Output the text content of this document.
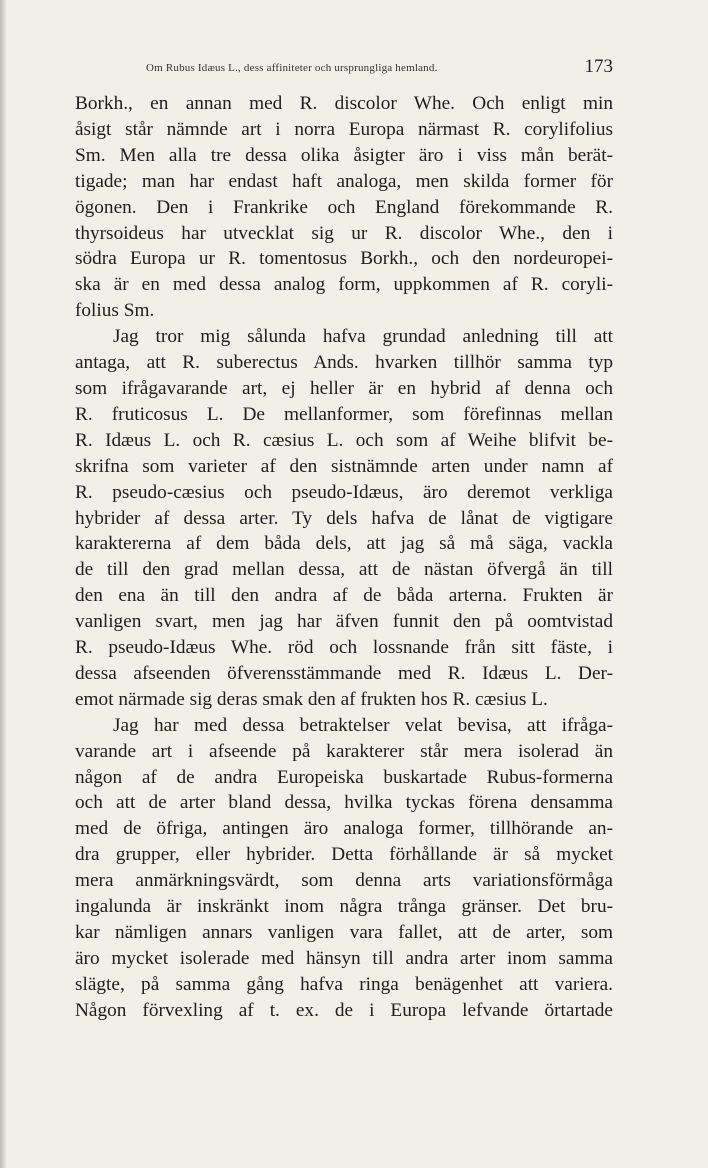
Om Rubus Idæus L., dess affiniteter och ursprungliga hemland.	173
Borkh., en annan med R. discolor Whe. Och enligt min
åsigt står nämnde art i norra Europa närmast R. corylifolius
Sm. Men alla tre dessa olika åsigter äro i viss mån berät-
tigade; man har endast haft analoga, men skilda former för
ögonen. Den i Frankrike och England förekommande R.
thyrsoideus har utvecklat sig ur R. discolor Whe., den i
södra Europa ur R. tomentosus Borkh., och den nordeuropei-
ska är en med dessa analog form, uppkommen af R. coryli-
folius Sm.
Jag tror mig sålunda hafva grundad anledning till att
antaga, att R. suberectus Ands. hvarken tillhör samma typ
som ifrågavarande art, ej heller är en hybrid af denna och
R. fruticosus L. De mellanformer, som förefinnas mellan
R. Idæus L. och R. cæsius L. och som af Weihe blifvit be-
skrifna som varieter af den sistnämnde arten under namn af
R. pseudo-cæsius och pseudo-Idæus, äro deremot verkliga
hybrider af dessa arter. Ty dels hafva de lånat de vigtigare
karaktererna af dem båda dels, att jag så må säga, vackla
de till den grad mellan dessa, att de nästan öfvergå än till
den ena än till den andra af de båda arterna. Frukten är
vanligen svart, men jag har äfven funnit den på oomtvistad
R. pseudo-Idæus Whe. röd och lossnande från sitt fäste, i
dessa afseenden öfverensstämmande med R. Idæus L. Der-
emot närmade sig deras smak den af frukten hos R. cæsius L.
Jag har med dessa betraktelser velat bevisa, att ifråga-
varande art i afseende på karakterer står mera isolerad än
någon af de andra Europeiska buskartade Rubus-formerna
och att de arter bland dessa, hvilka tyckas förena densamma
med de öfriga, antingen äro analoga former, tillhörande an-
dra grupper, eller hybrider. Detta förhållande är så mycket
mera anmärkningsvärdt, som denna arts variationsförmåga
ingalunda är inskränkt inom några trånga gränser. Det bru-
kar nämligen annars vanligen vara fallet, att de arter, som
äro mycket isolerade med hänsyn till andra arter inom samma
slägte, på samma gång hafva ringa benägenhet att variera.
Någon förvexling af t. ex. de i Europa lefvande örtartade
